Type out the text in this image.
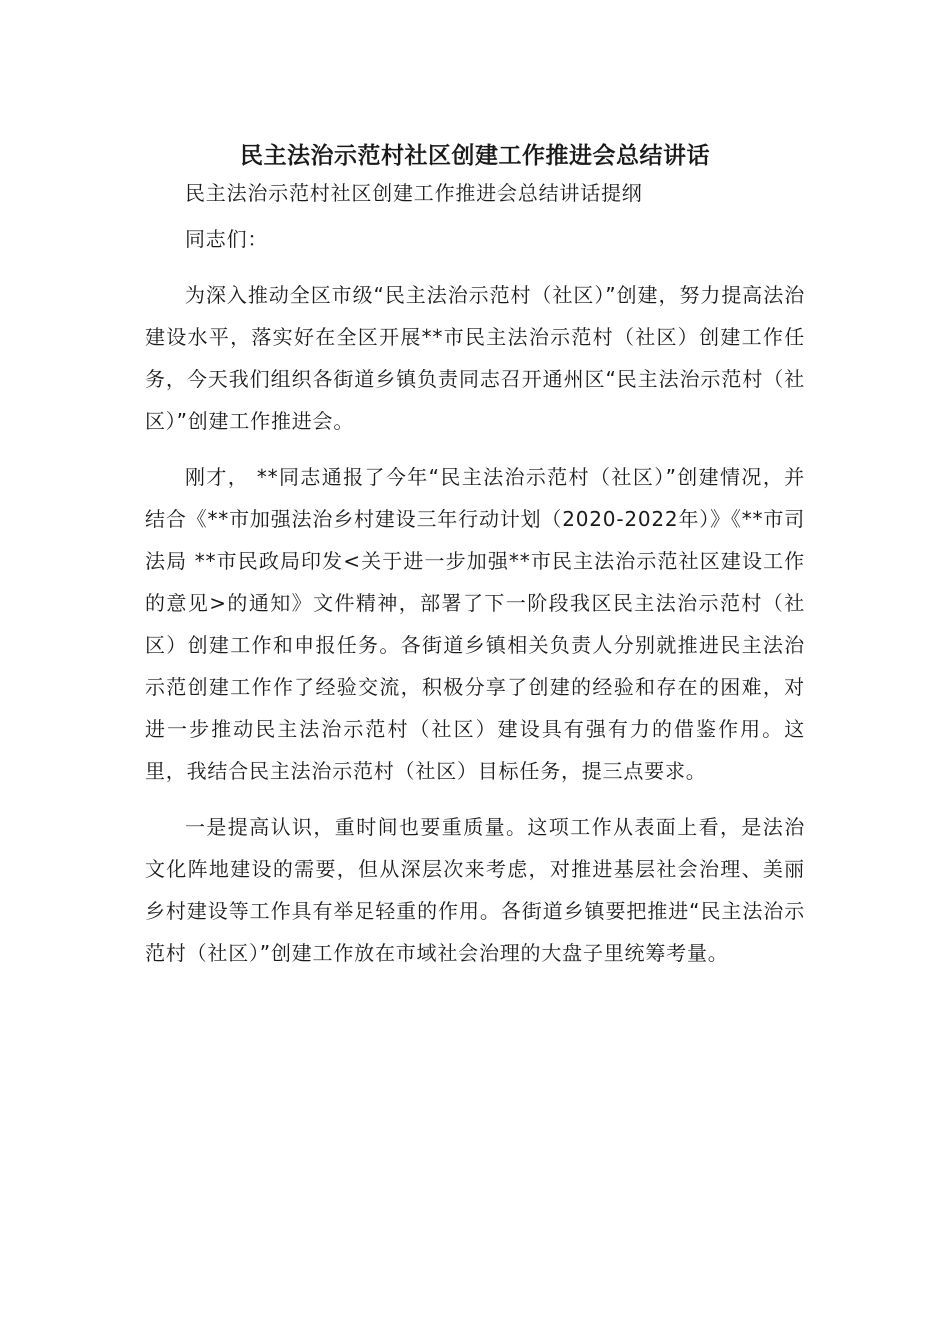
民主法治示范村社区创建工作推进会总结讲话

民主法治示范村社区创建工作推进会总结讲话提纲

同志们：

为深入推动全区市级“民主法治示范村（社区）”创建，努力提高法治建设水平，落实好在全区开展**市民主法治示范村（社区）创建工作任务，今天我们组织各街道乡镇负责同志召开通州区“民主法治示范村（社区）”创建工作推进会。

刚才， **同志通报了今年“民主法治示范村（社区）”创建情况，并结合《**市加强法治乡村建设三年行动计划（2020-2022年）》《**市司法局 **市民政局印发<关于进一步加强**市民主法治示范社区建设工作的意见>的通知》文件精神，部署了下一阶段我区民主法治示范村（社区）创建工作和申报任务。各街道乡镇相关负责人分别就推进民主法治示范创建工作作了经验交流，积极分享了创建的经验和存在的困难，对进一步推动民主法治示范村（社区）建设具有强有力的借鉴作用。这里，我结合民主法治示范村（社区）目标任务，提三点要求。

一是提高认识，重时间也要重质量。这项工作从表面上看，是法治文化阵地建设的需要，但从深层次来考虑，对推进基层社会治理、美丽乡村建设等工作具有举足轻重的作用。各街道乡镇要把推进“民主法治示范村（社区）”创建工作放在市域社会治理的大盘子里统筹考量。
